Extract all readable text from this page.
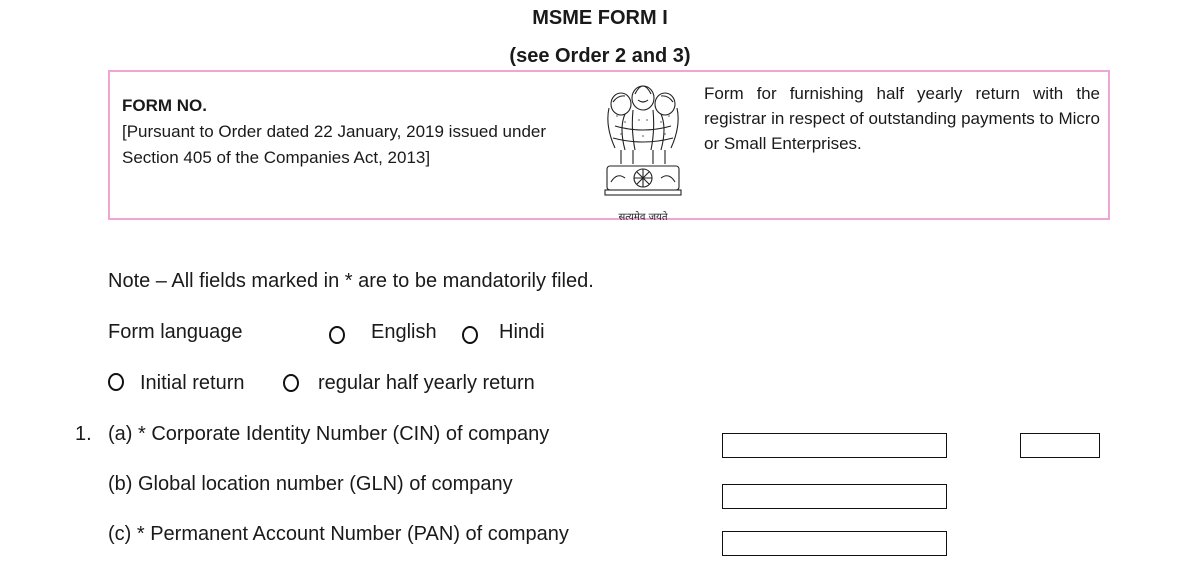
MSME FORM I
(see Order 2 and 3)
FORM NO.
[Pursuant to Order dated 22 January, 2019 issued under Section 405 of the Companies Act, 2013]
सत्यमेव जयते
Form for furnishing half yearly return with the registrar in respect of outstanding payments to Micro or Small Enterprises.
Note – All fields marked in * are to be mandatorily filed.
Form language	English	Hindi
Initial return	regular half yearly return
1. (a) * Corporate Identity Number (CIN) of company
(b) Global location number (GLN) of company
(c) * Permanent Account Number (PAN) of company
